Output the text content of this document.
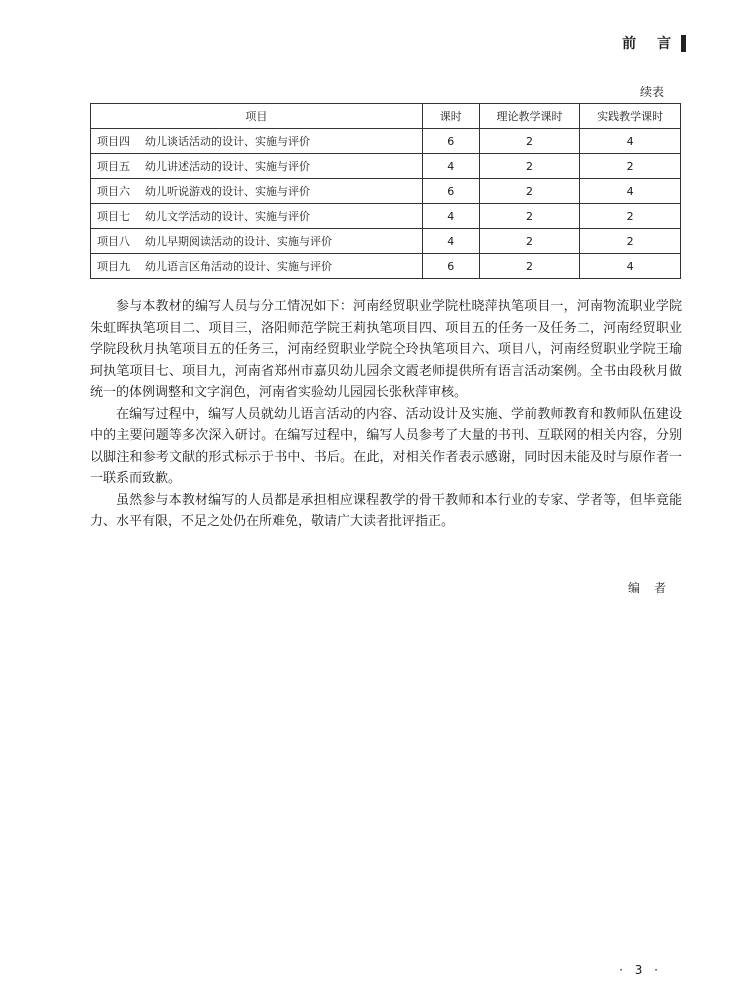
前 言
续表
项目	课时	理论教学课时	实践教学课时
项目四 幼儿谈话活动的设计、实施与评价	6	2	4
项目五 幼儿讲述活动的设计、实施与评价	4	2	2
项目六 幼儿听说游戏的设计、实施与评价	6	2	4
项目七 幼儿文学活动的设计、实施与评价	4	2	2
项目八 幼儿早期阅读活动的设计、实施与评价	4	2	2
项目九 幼儿语言区角活动的设计、实施与评价	6	2	4

参与本教材的编写人员与分工情况如下：河南经贸职业学院杜晓萍执笔项目一，河南物流职业学院朱虹晖执笔项目二、项目三，洛阳师范学院王莉执笔项目四、项目五的任务一及任务二，河南经贸职业学院段秋月执笔项目五的任务三，河南经贸职业学院仝玲执笔项目六、项目八，河南经贸职业学院王瑜珂执笔项目七、项目九，河南省郑州市嘉贝幼儿园余文霞老师提供所有语言活动案例。全书由段秋月做统一的体例调整和文字润色，河南省实验幼儿园园长张秋萍审核。

在编写过程中，编写人员就幼儿语言活动的内容、活动设计及实施、学前教师教育和教师队伍建设中的主要问题等多次深入研讨。在编写过程中，编写人员参考了大量的书刊、互联网的相关内容，分别以脚注和参考文献的形式标示于书中、书后。在此，对相关作者表示感谢，同时因未能及时与原作者一一联系而致歉。

虽然参与本教材编写的人员都是承担相应课程教学的骨干教师和本行业的专家、学者等，但毕竟能力、水平有限，不足之处仍在所难免，敬请广大读者批评指正。

编者
· 3 ·
